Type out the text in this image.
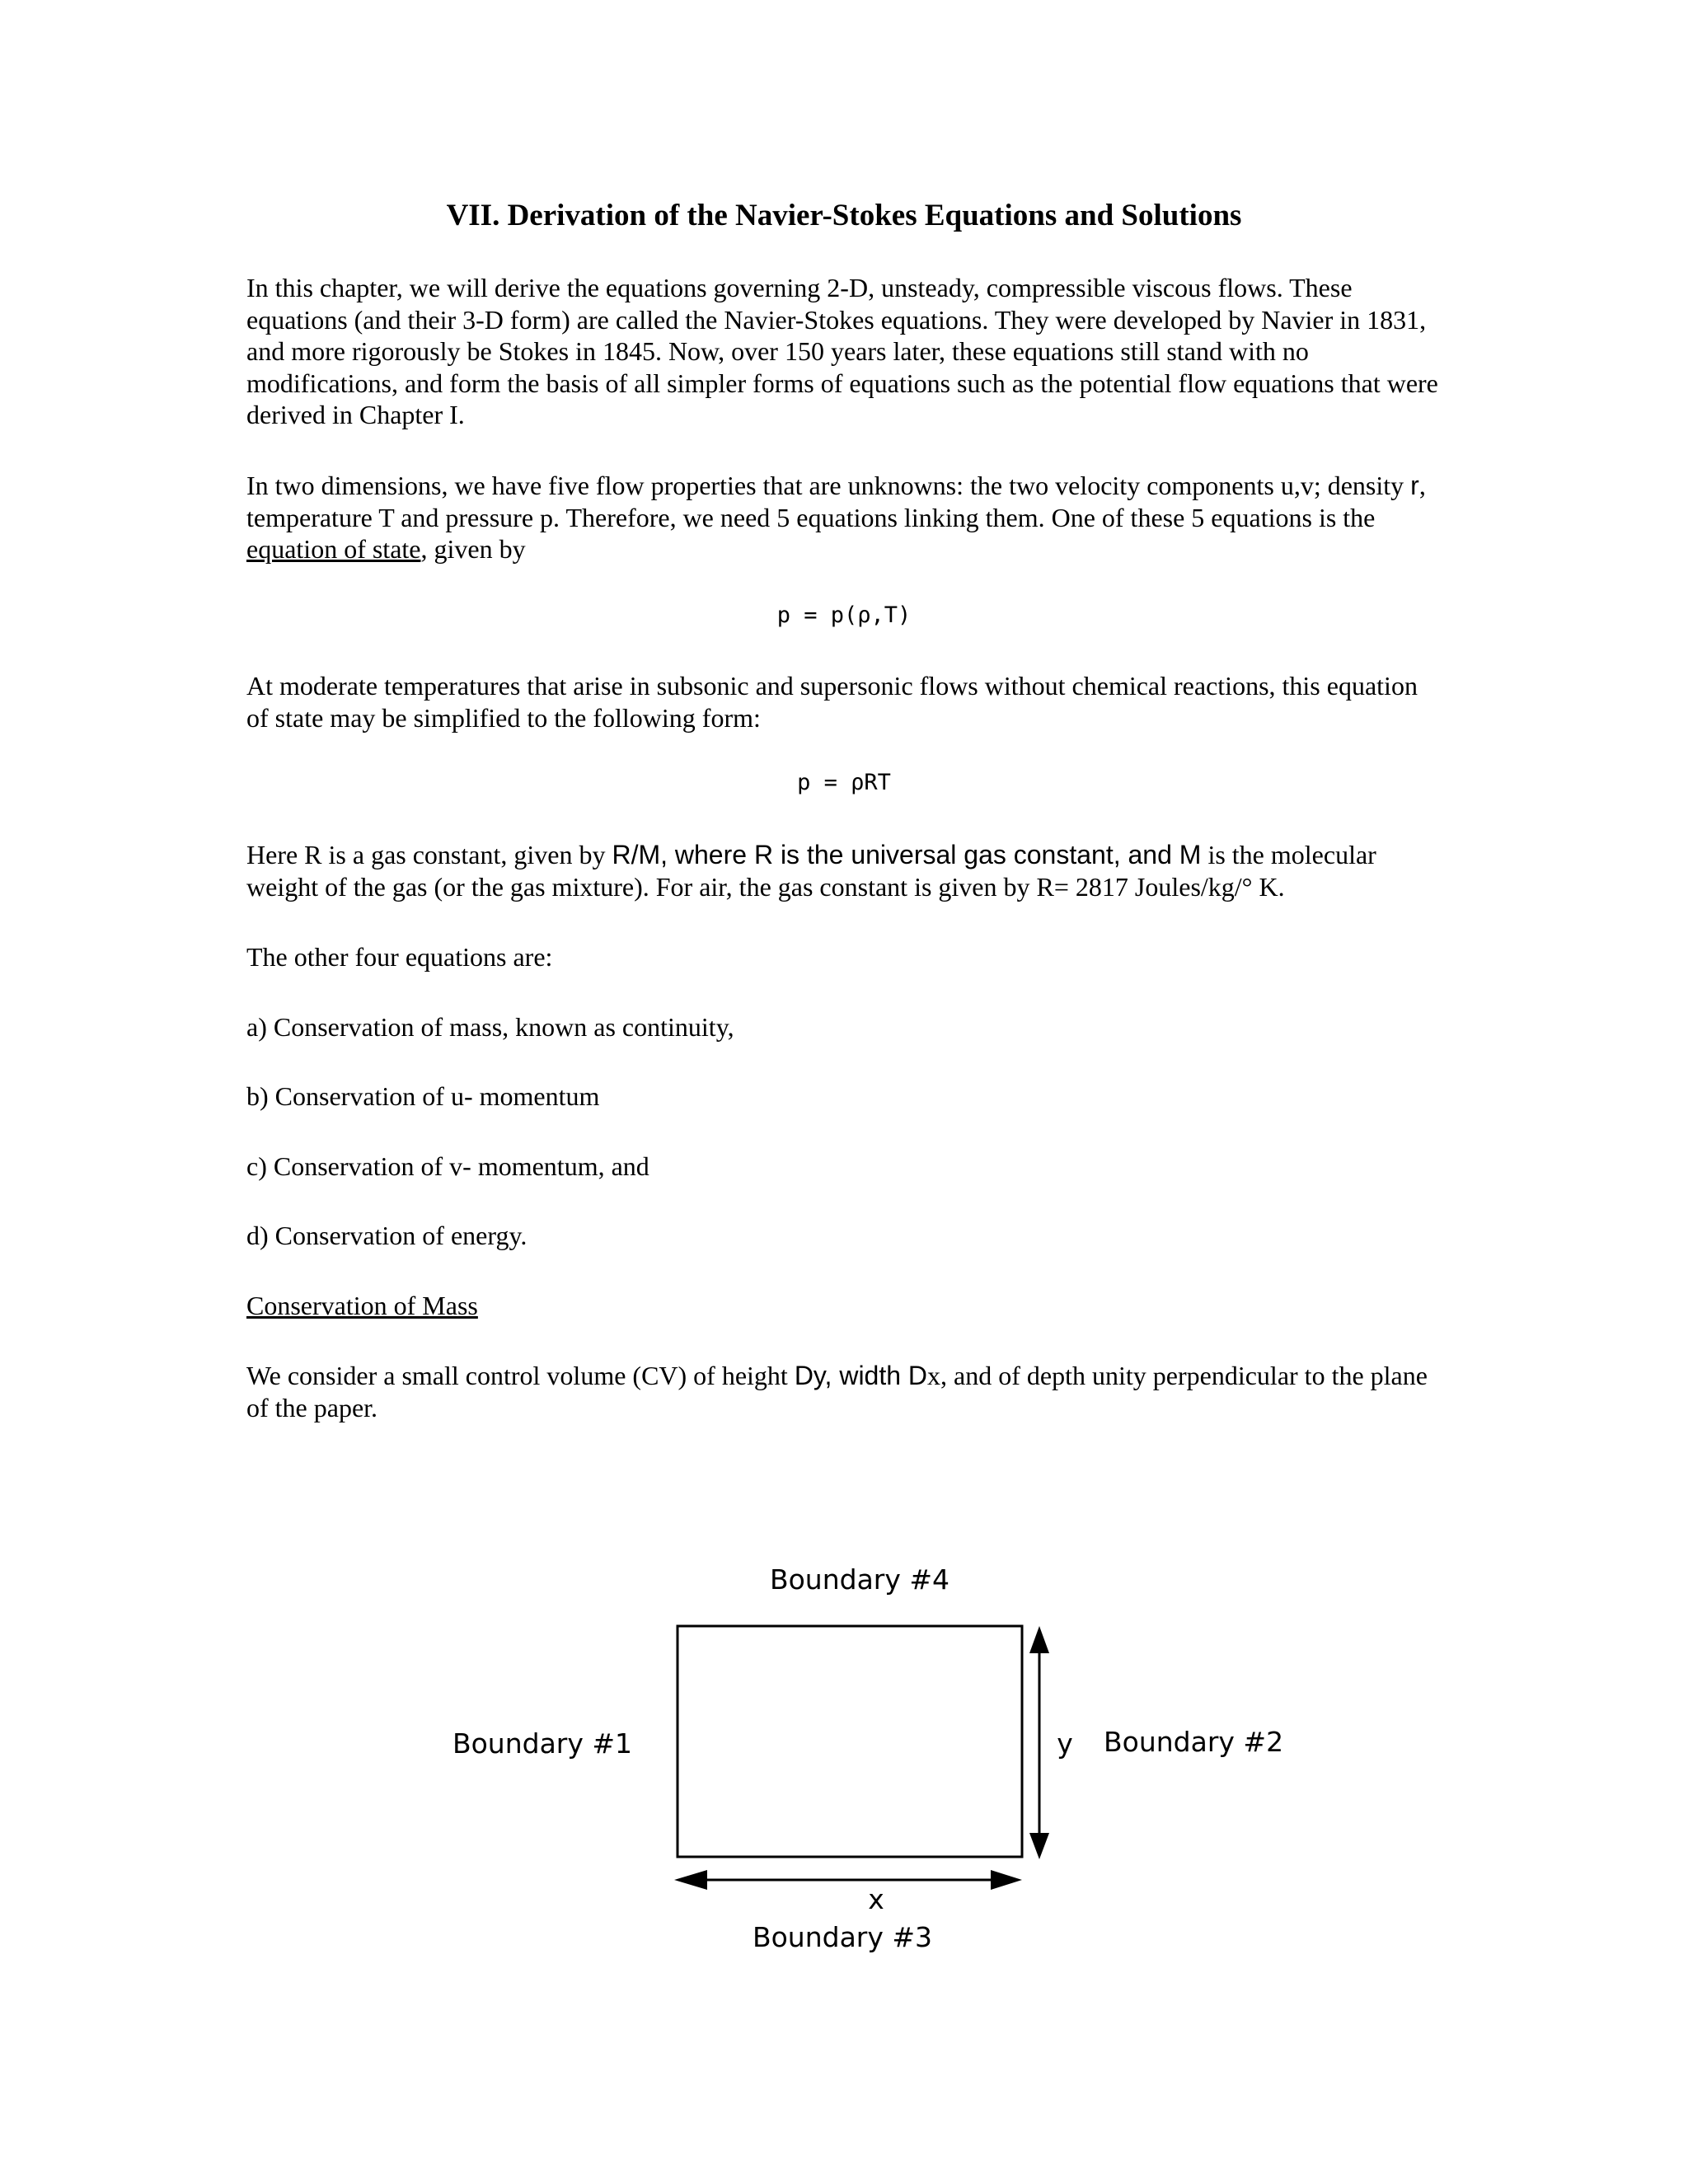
VII. Derivation of the Navier-Stokes Equations and Solutions
In this chapter, we will derive the equations governing 2-D, unsteady, compressible viscous flows. These equations (and their 3-D form) are called the Navier-Stokes equations. They were developed by Navier in 1831, and more rigorously be Stokes in 1845. Now, over 150 years later, these equations still stand with no modifications, and form the basis of all simpler forms of equations such as the potential flow equations that were derived in Chapter I.
In two dimensions, we have five flow properties that are unknowns: the two velocity components u,v; density r, temperature T and pressure p. Therefore, we need 5 equations linking them. One of these 5 equations is the equation of state, given by
p = p(ρ,T)
At moderate temperatures that arise in subsonic and supersonic flows without chemical reactions, this equation of state may be simplified to the following form:
p = ρRT
Here R is a gas constant, given by R/M, where R is the universal gas constant, and M is the molecular weight of the gas (or the gas mixture). For air, the gas constant is given by R= 2817 Joules/kg/° K.
The other four equations are:
a) Conservation of mass, known as continuity,
b) Conservation of u- momentum
c) Conservation of v- momentum, and
d) Conservation of energy.
Conservation of Mass
We consider a small control volume (CV) of height Dy, width Dx, and of depth unity perpendicular to the plane of the paper.
Boundary #4
Boundary #1	Boundary #2
Boundary #3
x
y
